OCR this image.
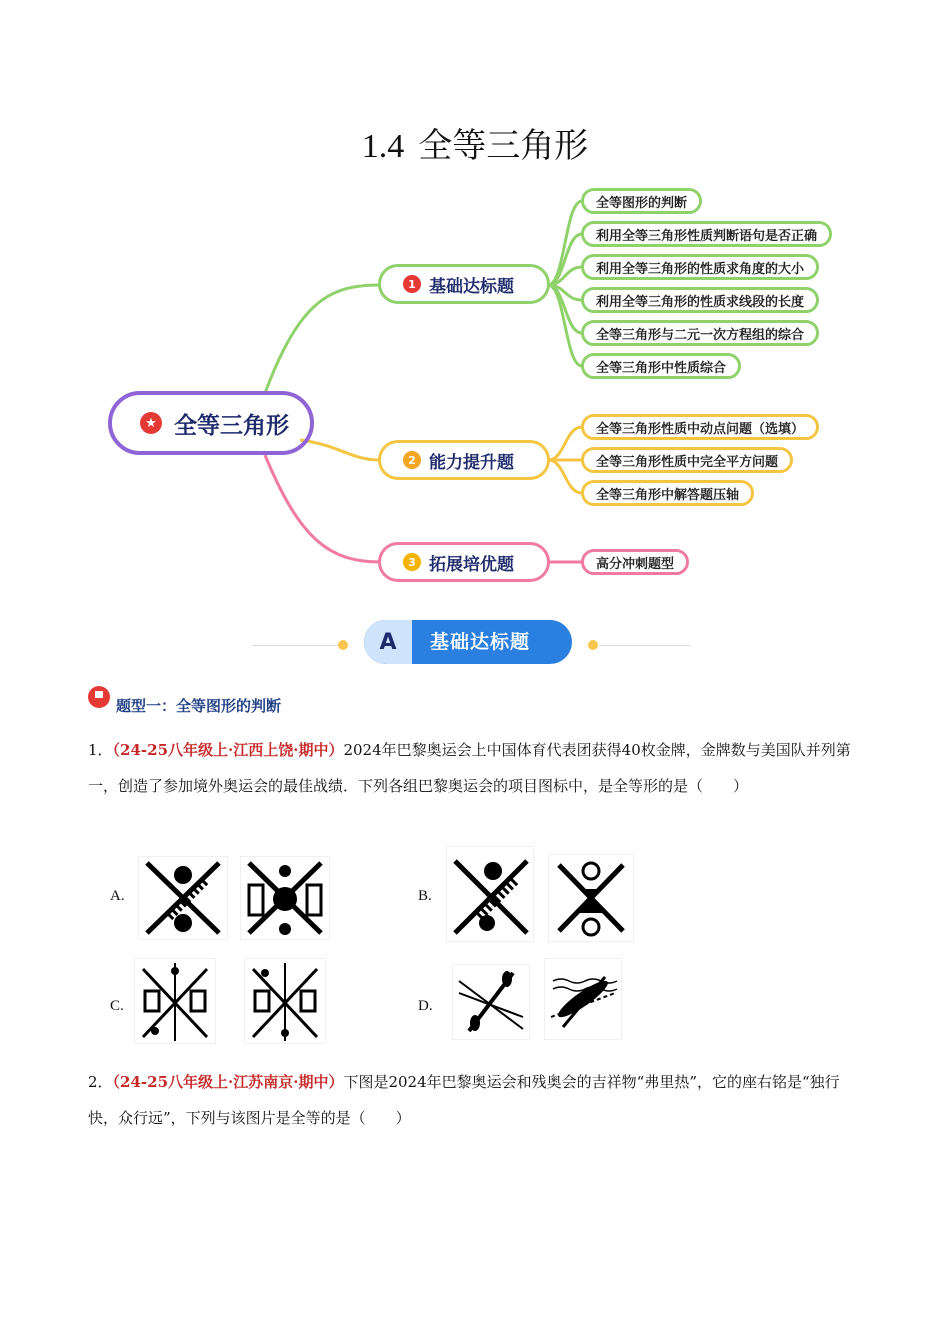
1.4 全等三角形
★ 全等三角形
1 基础达标题
全等图形的判断
利用全等三角形性质判断语句是否正确
利用全等三角形的性质求角度的大小
利用全等三角形的性质求线段的长度
全等三角形与二元一次方程组的综合
全等三角形中性质综合
2 能力提升题
全等三角形性质中动点问题（选填）
全等三角形性质中完全平方问题
全等三角形中解答题压轴
3 拓展培优题	高分冲刺题型
A	基础达标题
题型一：全等图形的判断
1．（24-25八年级上·江西上饶·期中）2024年巴黎奥运会上中国体育代表团获得40枚金牌，金牌数与美国队并列第一，创造了参加境外奥运会的最佳战绩．下列各组巴黎奥运会的项目图标中，是全等形的是（　　）
A.	B.
C.	D.
2．（24-25八年级上·江苏南京·期中）下图是2024年巴黎奥运会和残奥会的吉祥物“弗里热”，它的座右铭是“独行快，众行远”，下列与该图片是全等的是（　　）
